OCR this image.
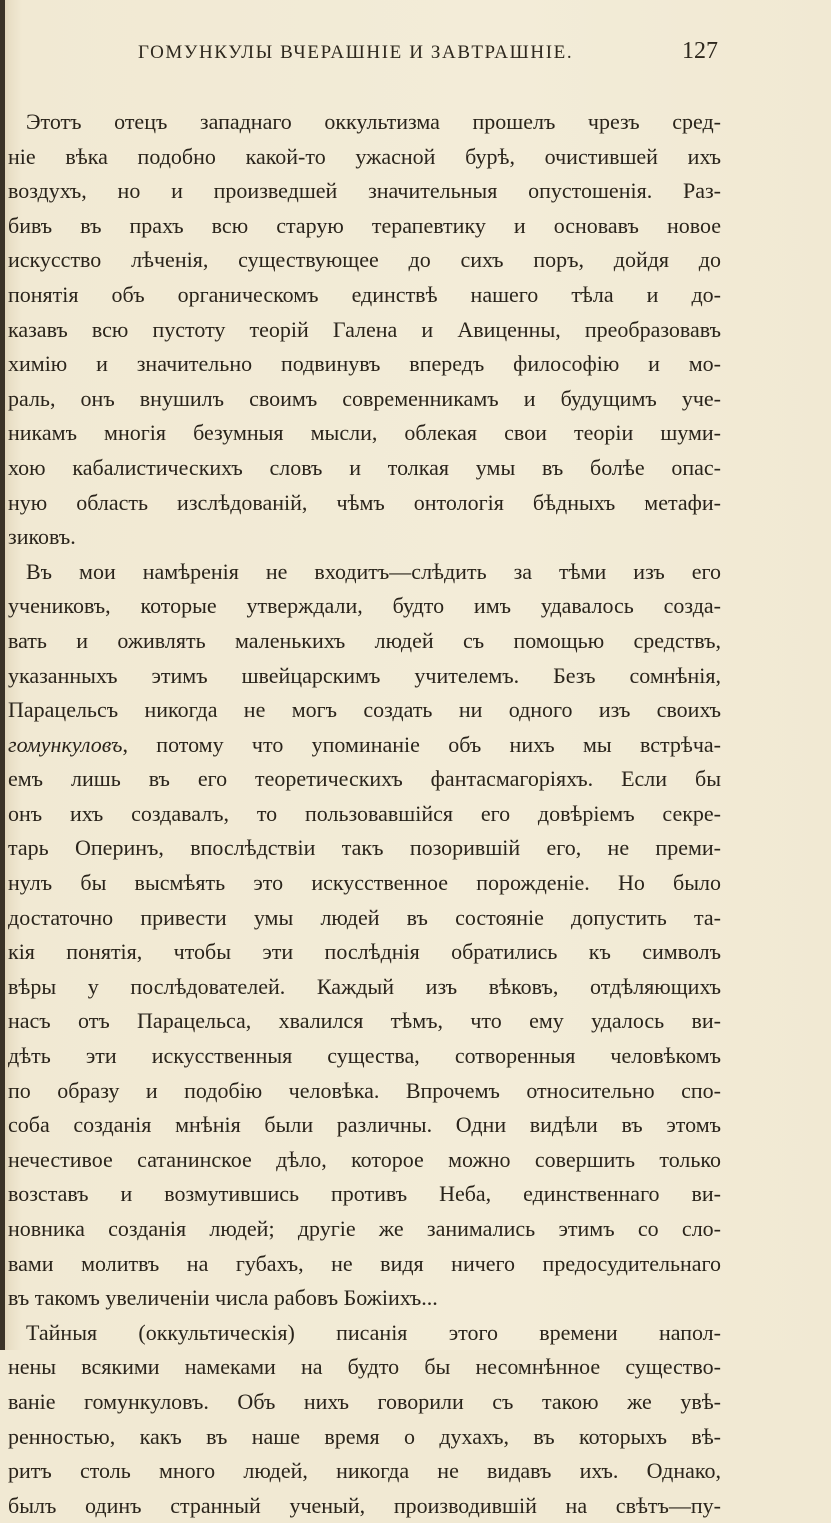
ГОМУНКУЛЫ ВЧЕРАШНІЕ И ЗАВТРАШНІЕ.	127
Этотъ отецъ западнаго оккультизма прошелъ чрезъ сред-
ніе вѣка подобно какой-то ужасной бурѣ, очистившей ихъ
воздухъ, но и произведшей значительныя опустошенія. Раз-
бивъ въ прахъ всю старую терапевтику и основавъ новое
искусство лѣченія, существующее до сихъ поръ, дойдя до
понятія объ органическомъ единствѣ нашего тѣла и до-
казавъ всю пустоту теорій Галена и Авиценны, преобразовавъ
химію и значительно подвинувъ впередъ философію и мо-
раль, онъ внушилъ своимъ современникамъ и будущимъ уче-
никамъ многія безумныя мысли, облекая свои теоріи шуми-
хою кабалистическихъ словъ и толкая умы въ болѣе опас-
ную область изслѣдованій, чѣмъ онтологія бѣдныхъ метафи-
зиковъ.
Въ мои намѣренія не входитъ—слѣдить за тѣми изъ его
учениковъ, которые утверждали, будто имъ удавалось созда-
вать и оживлять маленькихъ людей съ помощью средствъ,
указанныхъ этимъ швейцарскимъ учителемъ. Безъ сомнѣнія,
Парацельсъ никогда не могъ создать ни одного изъ своихъ
гомункуловъ, потому что упоминаніе объ нихъ мы встрѣча-
емъ лишь въ его теоретическихъ фантасмагоріяхъ. Если бы
онъ ихъ создавалъ, то пользовавшійся его довѣріемъ секре-
тарь Оперинъ, впослѣдствіи такъ позорившій его, не преми-
нулъ бы высмѣять это искусственное порожденіе. Но было
достаточно привести умы людей въ состояніе допустить та-
кія понятія, чтобы эти послѣднія обратились къ символъ
вѣры у послѣдователей. Каждый изъ вѣковъ, отдѣляющихъ
насъ отъ Парацельса, хвалился тѣмъ, что ему удалось ви-
дѣть эти искусственныя существа, сотворенныя человѣкомъ
по образу и подобію человѣка. Впрочемъ относительно спо-
соба созданія мнѣнія были различны. Одни видѣли въ этомъ
нечестивое сатанинское дѣло, которое можно совершить только
возставъ и возмутившись противъ Неба, единственнаго ви-
новника созданія людей; другіе же занимались этимъ со сло-
вами молитвъ на губахъ, не видя ничего предосудительнаго
въ такомъ увеличеніи числа рабовъ Божіихъ...
Тайныя (оккультическія) писанія этого времени напол-
нены всякими намеками на будто бы несомнѣнное существо-
ваніе гомункуловъ. Объ нихъ говорили съ такою же увѣ-
ренностью, какъ въ наше время о духахъ, въ которыхъ вѣ-
ритъ столь много людей, никогда не видавъ ихъ. Однако,
былъ одинъ странный ученый, производившій на свѣтъ—пу-
